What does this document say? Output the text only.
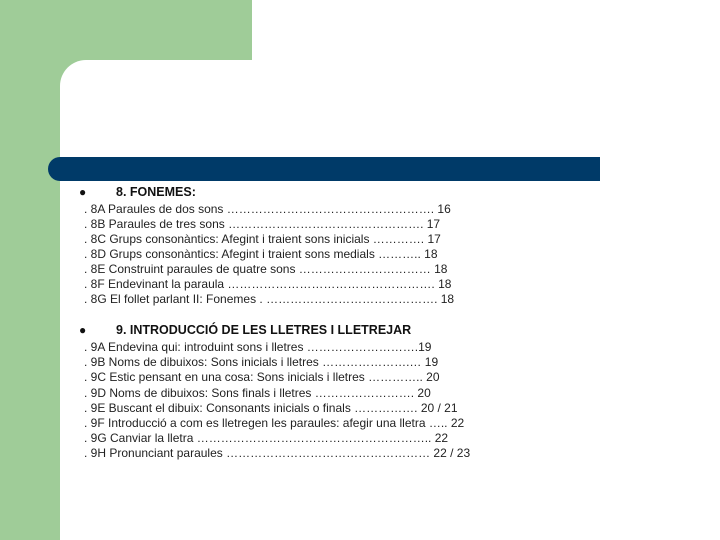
● 8. FONEMES:
. 8A Paraules de dos sons ……………………………………………. 16
. 8B Paraules de tres sons …………………………………………. 17
. 8C Grups consonàntics: Afegint i traient sons inicials …………. 17
. 8D Grups consonàntics: Afegint i traient sons medials ……….. 18
. 8E Construint paraules de quatre sons …………………………… 18
. 8F Endevinant la paraula ……………………………………………. 18
. 8G El follet parlant II: Fonemes . ……………………………………. 18
● 9. INTRODUCCIÓ DE LES LLETRES I LLETREJAR
. 9A Endevina qui: introduint sons i lletres ……………………….19
. 9B Noms de dibuixos: Sons inicials i lletres ………………….… 19
. 9C Estic pensant en una cosa: Sons inicials i lletres ………….. 20
. 9D Noms de dibuixos: Sons finals i lletres ……………………. 20
. 9E Buscant el dibuix: Consonants inicials o finals ……………. 20 / 21
. 9F Introducció a com es lletregen les paraules: afegir una lletra ….. 22
. 9G Canviar la lletra ………………………………………………….. 22
. 9H Pronunciant paraules …………………………………………… 22 / 23
